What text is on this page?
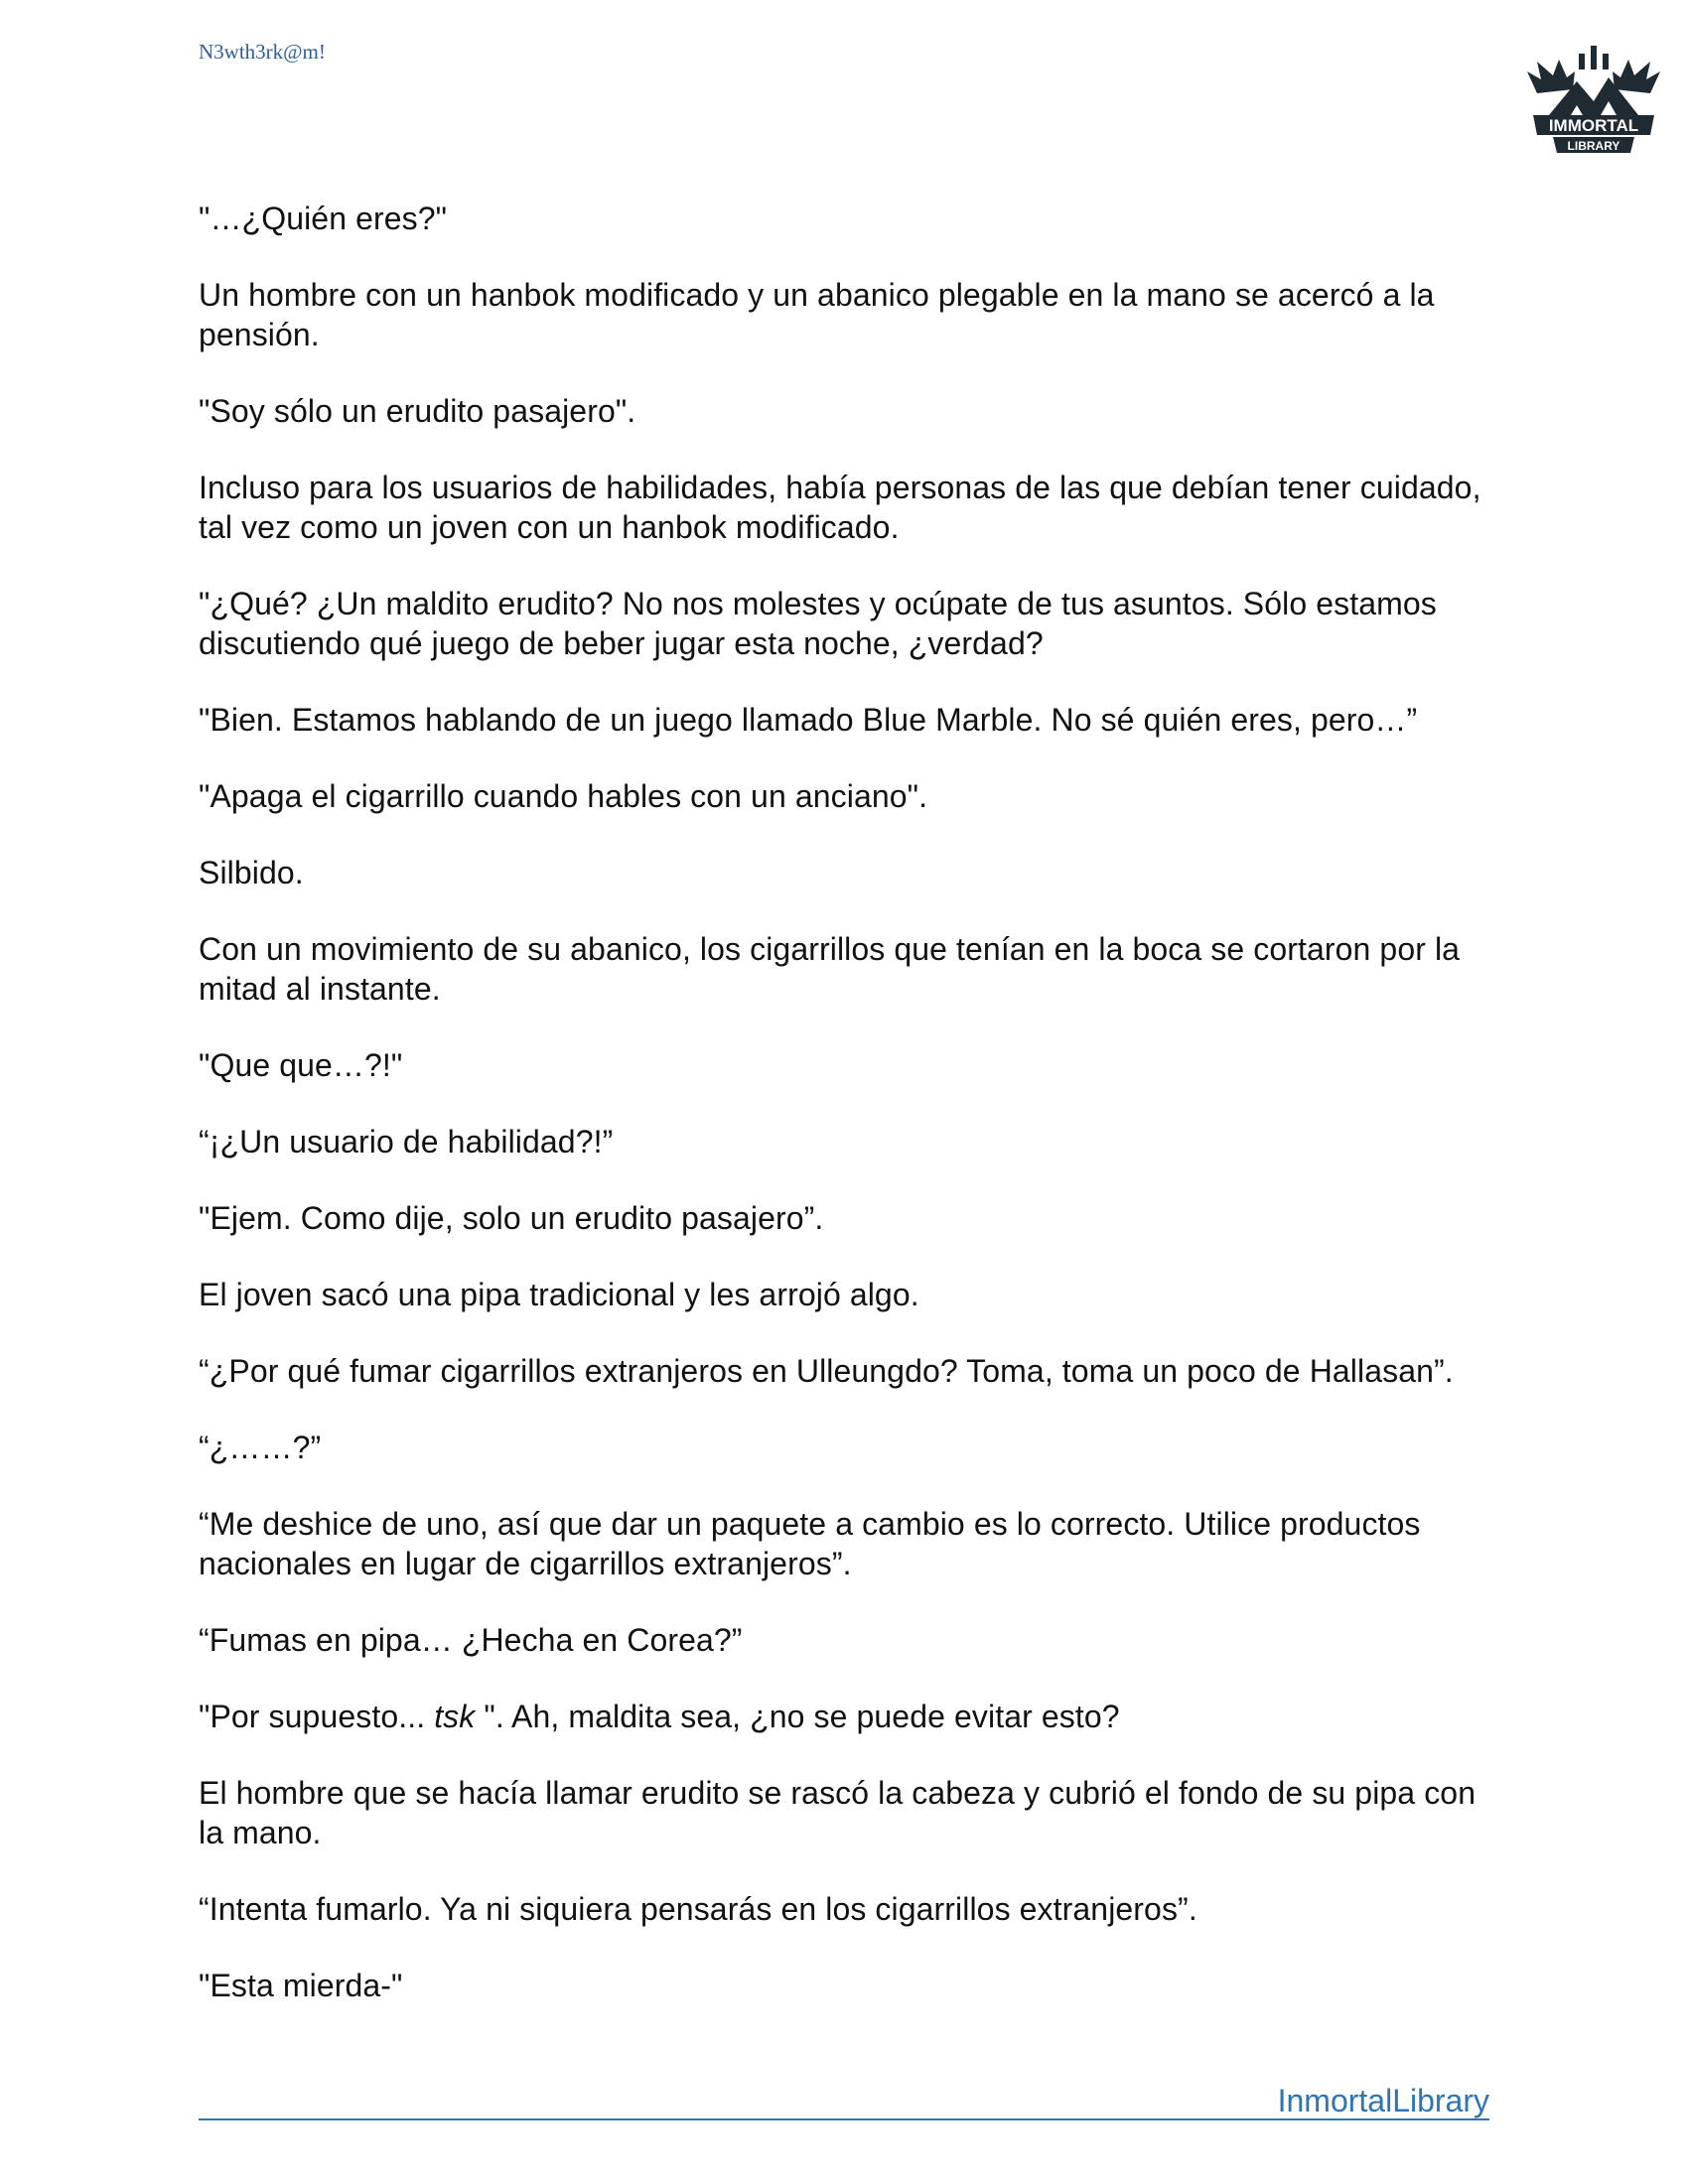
N3wth3rk@m!
IMMORTAL
LIBRARY

"…¿Quién eres?"

Un hombre con un hanbok modificado y un abanico plegable en la mano se acercó a la pensión.

"Soy sólo un erudito pasajero".

Incluso para los usuarios de habilidades, había personas de las que debían tener cuidado, tal vez como un joven con un hanbok modificado.

"¿Qué? ¿Un maldito erudito? No nos molestes y ocúpate de tus asuntos. Sólo estamos discutiendo qué juego de beber jugar esta noche, ¿verdad?

"Bien. Estamos hablando de un juego llamado Blue Marble. No sé quién eres, pero…”

"Apaga el cigarrillo cuando hables con un anciano".

Silbido.

Con un movimiento de su abanico, los cigarrillos que tenían en la boca se cortaron por la mitad al instante.

"Que que…?!"

“¡¿Un usuario de habilidad?!”

"Ejem. Como dije, solo un erudito pasajero”.

El joven sacó una pipa tradicional y les arrojó algo.

“¿Por qué fumar cigarrillos extranjeros en Ulleungdo? Toma, toma un poco de Hallasan”.

“¿……?”

“Me deshice de uno, así que dar un paquete a cambio es lo correcto. Utilice productos nacionales en lugar de cigarrillos extranjeros”.

“Fumas en pipa… ¿Hecha en Corea?”

"Por supuesto... tsk ". Ah, maldita sea, ¿no se puede evitar esto?

El hombre que se hacía llamar erudito se rascó la cabeza y cubrió el fondo de su pipa con la mano.

“Intenta fumarlo. Ya ni siquiera pensarás en los cigarrillos extranjeros”.

"Esta mierda-"

InmortalLibrary
